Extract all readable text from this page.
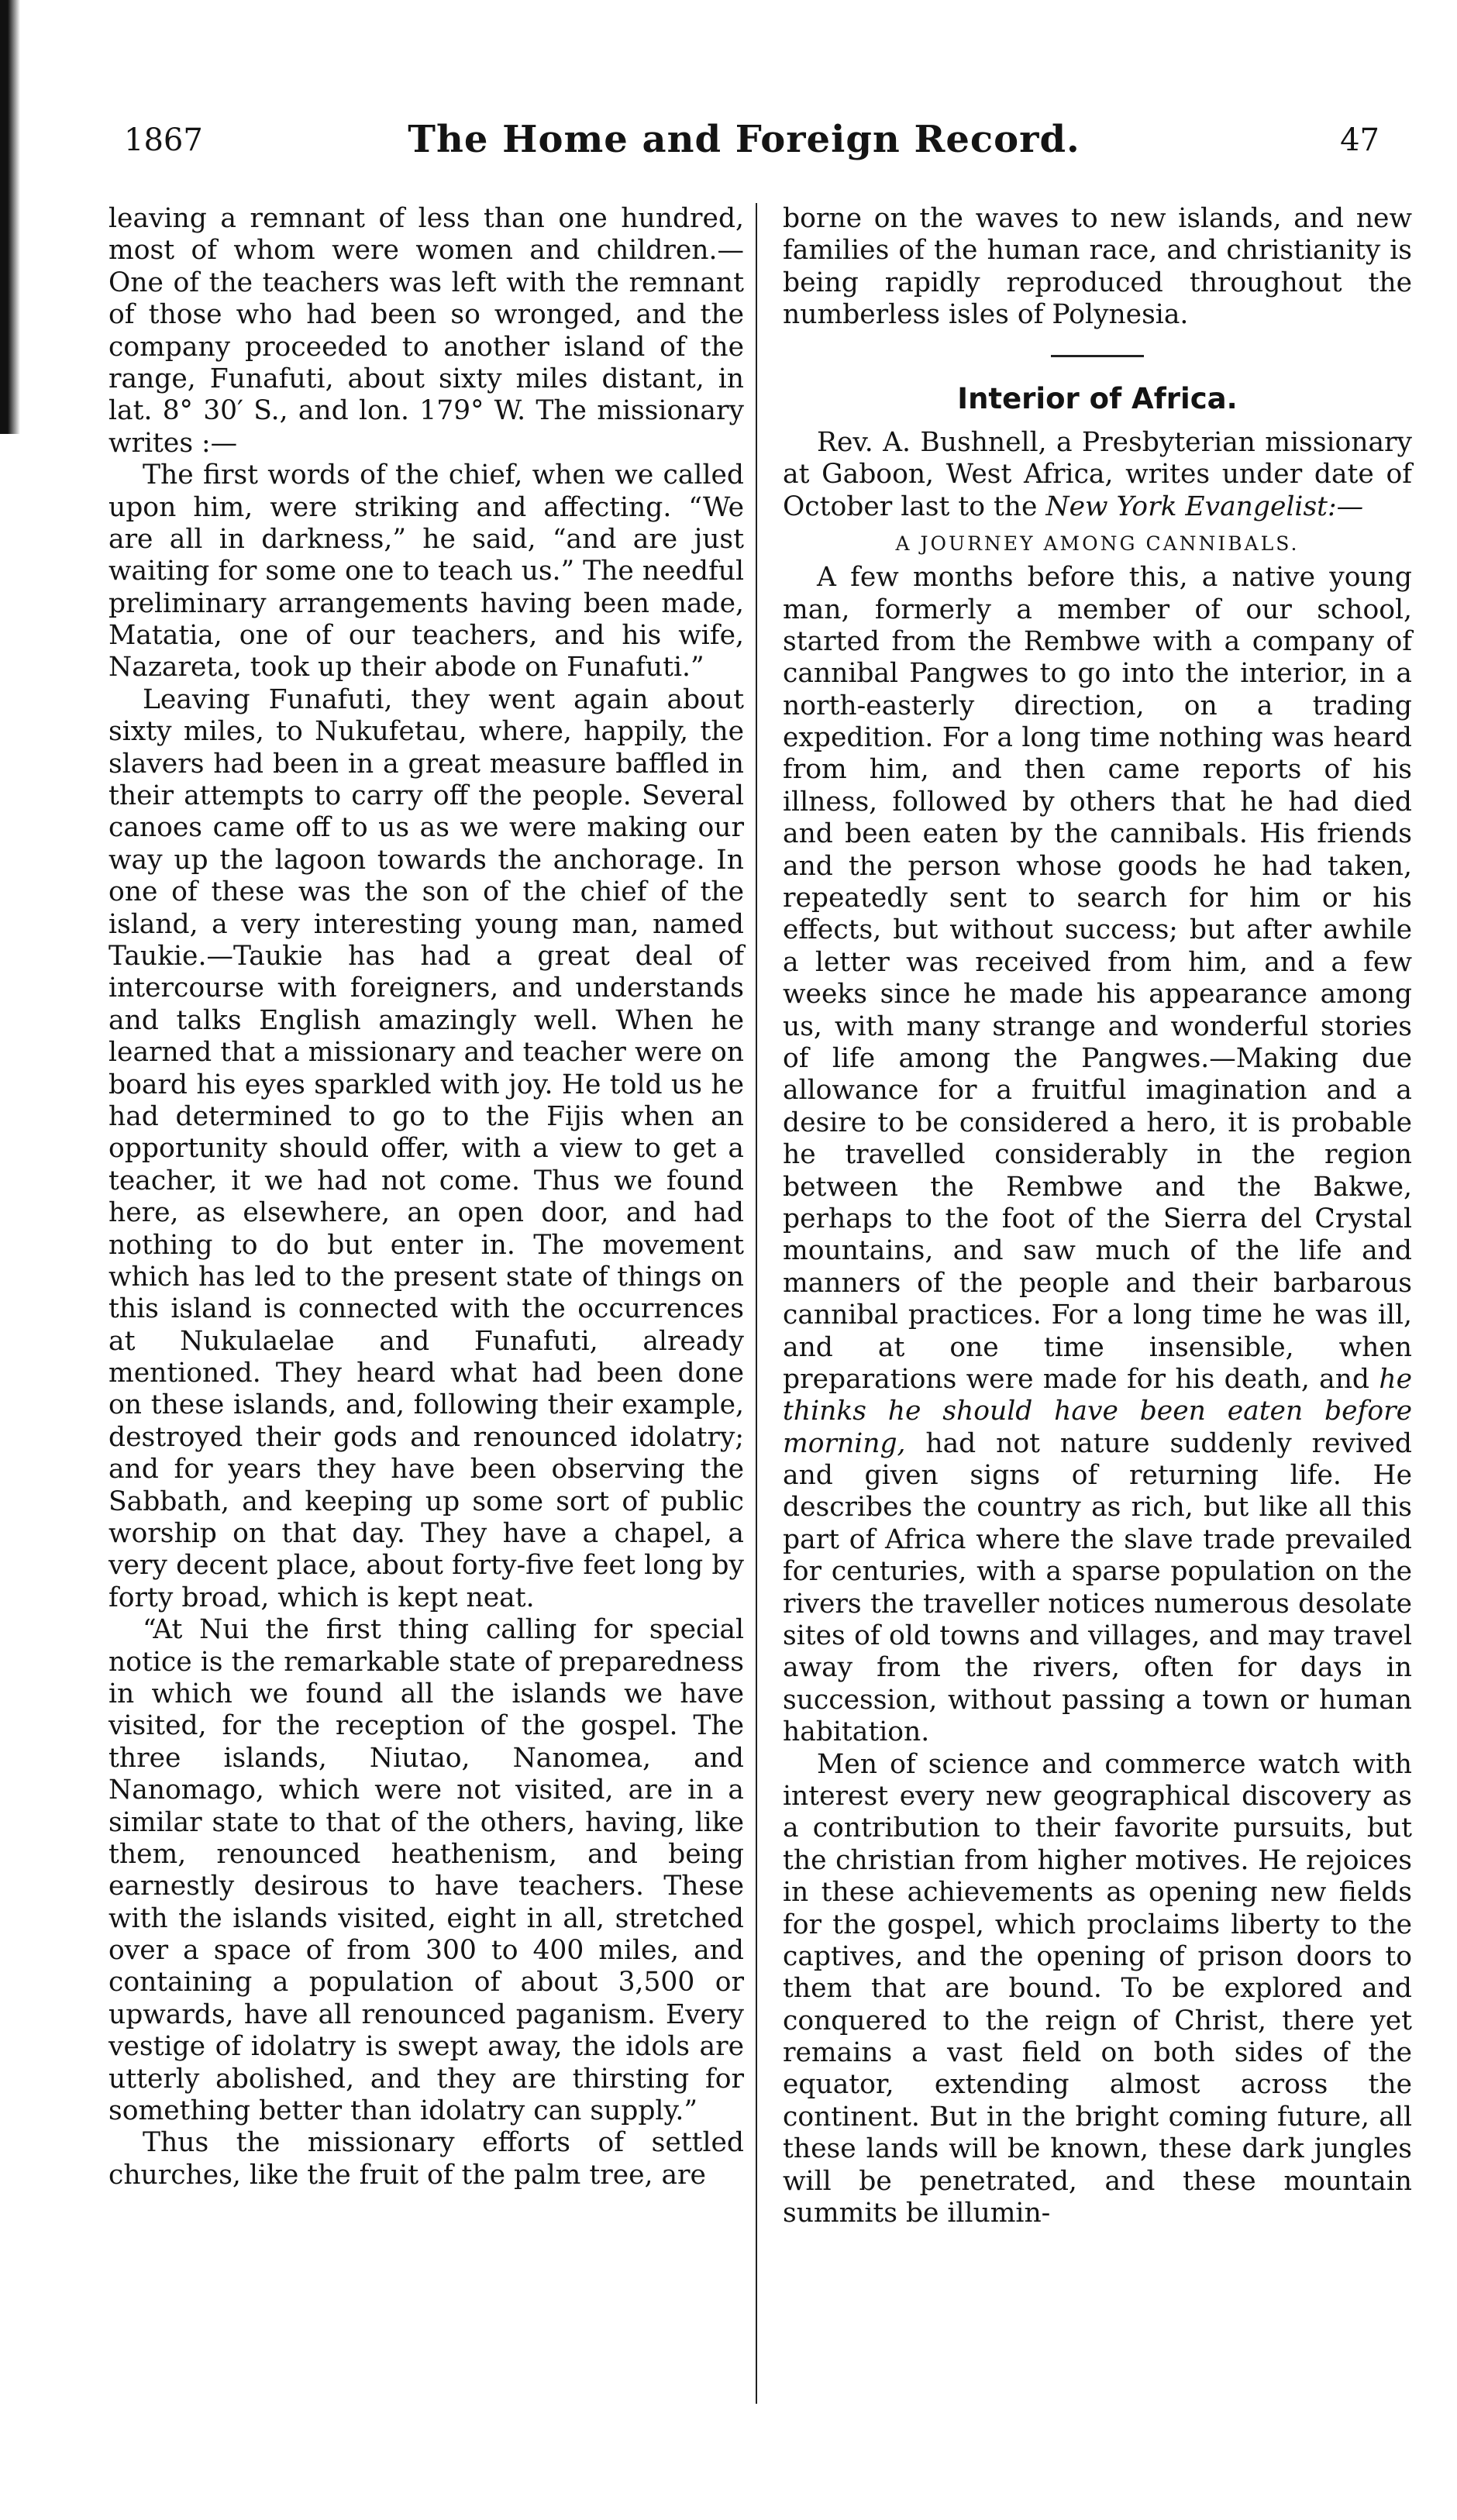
1867	The Home and Foreign Record.	47

leaving a remnant of less than one hundred, most of whom were women and children.—One of the teachers was left with the remnant of those who had been so wronged, and the company proceeded to another island of the range, Funafuti, about sixty miles distant, in lat. 8° 30′ S., and lon. 179° W. The missionary writes :—

The first words of the chief, when we called upon him, were striking and affecting. “We are all in darkness,” he said, “and are just waiting for some one to teach us.” The needful preliminary arrangements having been made, Matatia, one of our teachers, and his wife, Nazareta, took up their abode on Funafuti.”

Leaving Funafuti, they went again about sixty miles, to Nukufetau, where, happily, the slavers had been in a great measure baffled in their attempts to carry off the people. Several canoes came off to us as we were making our way up the lagoon towards the anchorage. In one of these was the son of the chief of the island, a very interesting young man, named Taukie.—Taukie has had a great deal of intercourse with foreigners, and understands and talks English amazingly well. When he learned that a missionary and teacher were on board his eyes sparkled with joy. He told us he had determined to go to the Fijis when an opportunity should offer, with a view to get a teacher, it we had not come. Thus we found here, as elsewhere, an open door, and had nothing to do but enter in. The movement which has led to the present state of things on this island is connected with the occurrences at Nukulaelae and Funafuti, already mentioned. They heard what had been done on these islands, and, following their example, destroyed their gods and renounced idolatry; and for years they have been observing the Sabbath, and keeping up some sort of public worship on that day. They have a chapel, a very decent place, about forty-five feet long by forty broad, which is kept neat.

“At Nui the first thing calling for special notice is the remarkable state of preparedness in which we found all the islands we have visited, for the reception of the gospel. The three islands, Niutao, Nanomea, and Nanomago, which were not visited, are in a similar state to that of the others, having, like them, renounced heathenism, and being earnestly desirous to have teachers. These with the islands visited, eight in all, stretched over a space of from 300 to 400 miles, and containing a population of about 3,500 or upwards, have all renounced paganism. Every vestige of idolatry is swept away, the idols are utterly abolished, and they are thirsting for something better than idolatry can supply.”

Thus the missionary efforts of settled churches, like the fruit of the palm tree, are

borne on the waves to new islands, and new families of the human race, and christianity is being rapidly reproduced throughout the numberless isles of Polynesia.

Interior of Africa.

Rev. A. Bushnell, a Presbyterian missionary at Gaboon, West Africa, writes under date of October last to the New York Evangelist:—

A JOURNEY AMONG CANNIBALS.

A few months before this, a native young man, formerly a member of our school, started from the Rembwe with a company of cannibal Pangwes to go into the interior, in a north-easterly direction, on a trading expedition. For a long time nothing was heard from him, and then came reports of his illness, followed by others that he had died and been eaten by the cannibals. His friends and the person whose goods he had taken, repeatedly sent to search for him or his effects, but without success; but after awhile a letter was received from him, and a few weeks since he made his appearance among us, with many strange and wonderful stories of life among the Pangwes.—Making due allowance for a fruitful imagination and a desire to be considered a hero, it is probable he travelled considerably in the region between the Rembwe and the Bakwe, perhaps to the foot of the Sierra del Crystal mountains, and saw much of the life and manners of the people and their barbarous cannibal practices. For a long time he was ill, and at one time insensible, when preparations were made for his death, and he thinks he should have been eaten before morning, had not nature suddenly revived and given signs of returning life. He describes the country as rich, but like all this part of Africa where the slave trade prevailed for centuries, with a sparse population on the rivers the traveller notices numerous desolate sites of old towns and villages, and may travel away from the rivers, often for days in succession, without passing a town or human habitation.

Men of science and commerce watch with interest every new geographical discovery as a contribution to their favorite pursuits, but the christian from higher motives. He rejoices in these achievements as opening new fields for the gospel, which proclaims liberty to the captives, and the opening of prison doors to them that are bound. To be explored and conquered to the reign of Christ, there yet remains a vast field on both sides of the equator, extending almost across the continent. But in the bright coming future, all these lands will be known, these dark jungles will be penetrated, and these mountain summits be illumin-
